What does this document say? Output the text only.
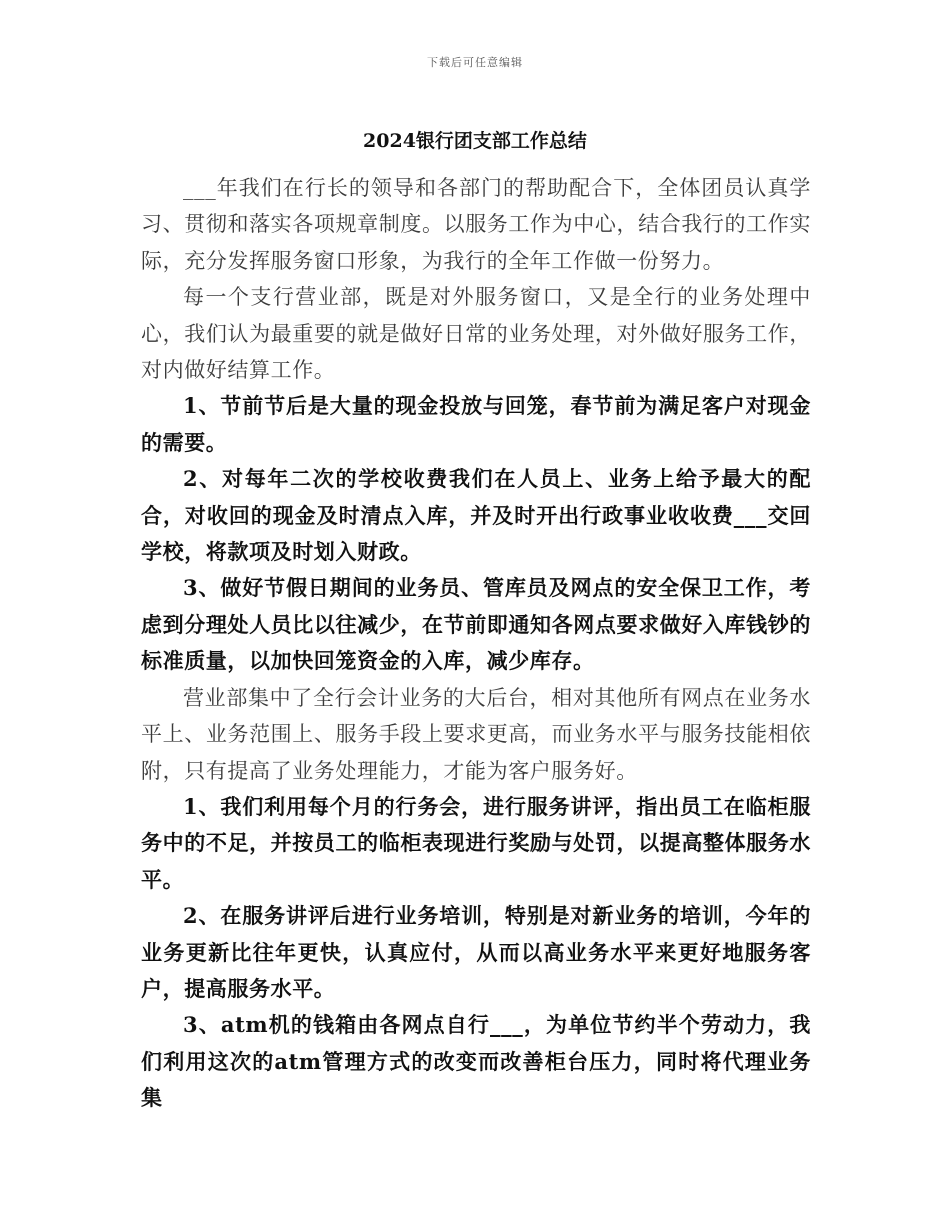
下载后可任意编辑
2024银行团支部工作总结

___年我们在行长的领导和各部门的帮助配合下，全体团员认真学习、贯彻和落实各项规章制度。以服务工作为中心，结合我行的工作实际，充分发挥服务窗口形象，为我行的全年工作做一份努力。

每一个支行营业部，既是对外服务窗口，又是全行的业务处理中心，我们认为最重要的就是做好日常的业务处理，对外做好服务工作，对内做好结算工作。

1、节前节后是大量的现金投放与回笼，春节前为满足客户对现金的需要。

2、对每年二次的学校收费我们在人员上、业务上给予最大的配合，对收回的现金及时清点入库，并及时开出行政事业收收费___交回学校，将款项及时划入财政。

3、做好节假日期间的业务员、管库员及网点的安全保卫工作，考虑到分理处人员比以往减少，在节前即通知各网点要求做好入库钱钞的标准质量，以加快回笼资金的入库，减少库存。

营业部集中了全行会计业务的大后台，相对其他所有网点在业务水平上、业务范围上、服务手段上要求更高，而业务水平与服务技能相依附，只有提高了业务处理能力，才能为客户服务好。

1、我们利用每个月的行务会，进行服务讲评，指出员工在临柜服务中的不足，并按员工的临柜表现进行奖励与处罚，以提高整体服务水平。

2、在服务讲评后进行业务培训，特别是对新业务的培训，今年的业务更新比往年更快，认真应付，从而以高业务水平来更好地服务客户，提高服务水平。

3、atm机的钱箱由各网点自行___，为单位节约半个劳动力，我们利用这次的atm管理方式的改变而改善柜台压力，同时将代理业务集
